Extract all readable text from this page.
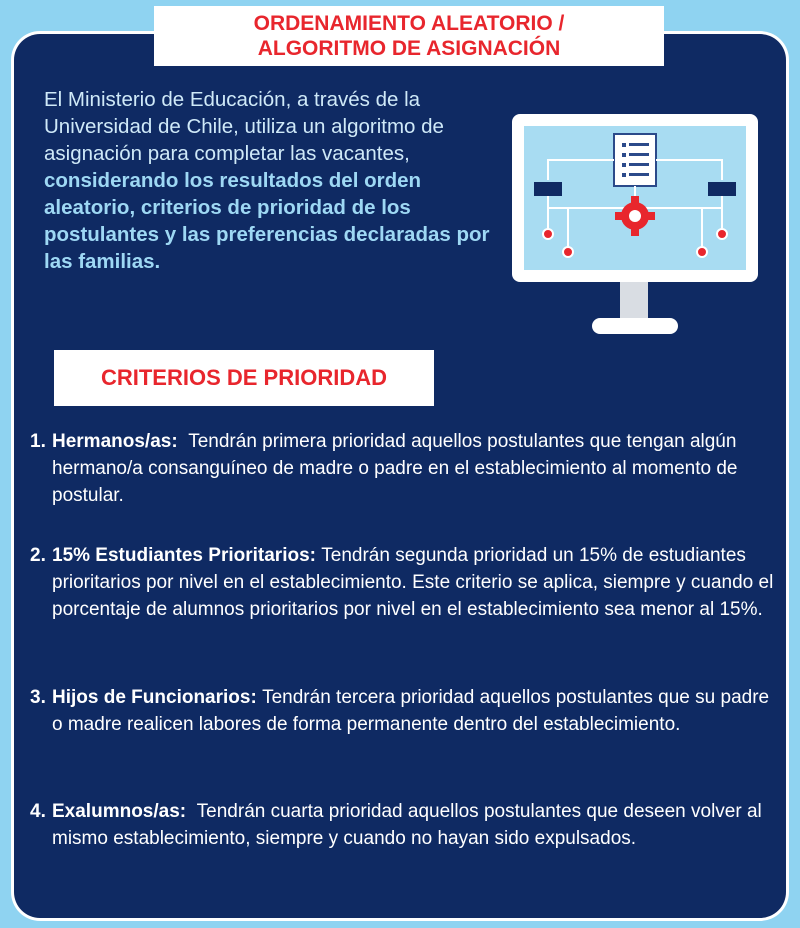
ORDENAMIENTO ALEATORIO /
ALGORITMO DE ASIGNACIÓN
El Ministerio de Educación, a través de la Universidad de Chile, utiliza un algoritmo de asignación para completar las vacantes, considerando los resultados del orden aleatorio, criterios de prioridad de los postulantes y las preferencias declaradas por las familias.
CRITERIOS DE PRIORIDAD
1. Hermanos/as: Tendrán primera prioridad aquellos postulantes que tengan algún hermano/a consanguíneo de madre o padre en el establecimiento al momento de postular.
2. 15% Estudiantes Prioritarios: Tendrán segunda prioridad un 15% de estudiantes prioritarios por nivel en el establecimiento. Este criterio se aplica, siempre y cuando el porcentaje de alumnos prioritarios por nivel en el establecimiento sea menor al 15%.
3. Hijos de Funcionarios: Tendrán tercera prioridad aquellos postulantes que su padre o madre realicen labores de forma permanente dentro del establecimiento.
4. Exalumnos/as: Tendrán cuarta prioridad aquellos postulantes que deseen volver al mismo establecimiento, siempre y cuando no hayan sido expulsados.
